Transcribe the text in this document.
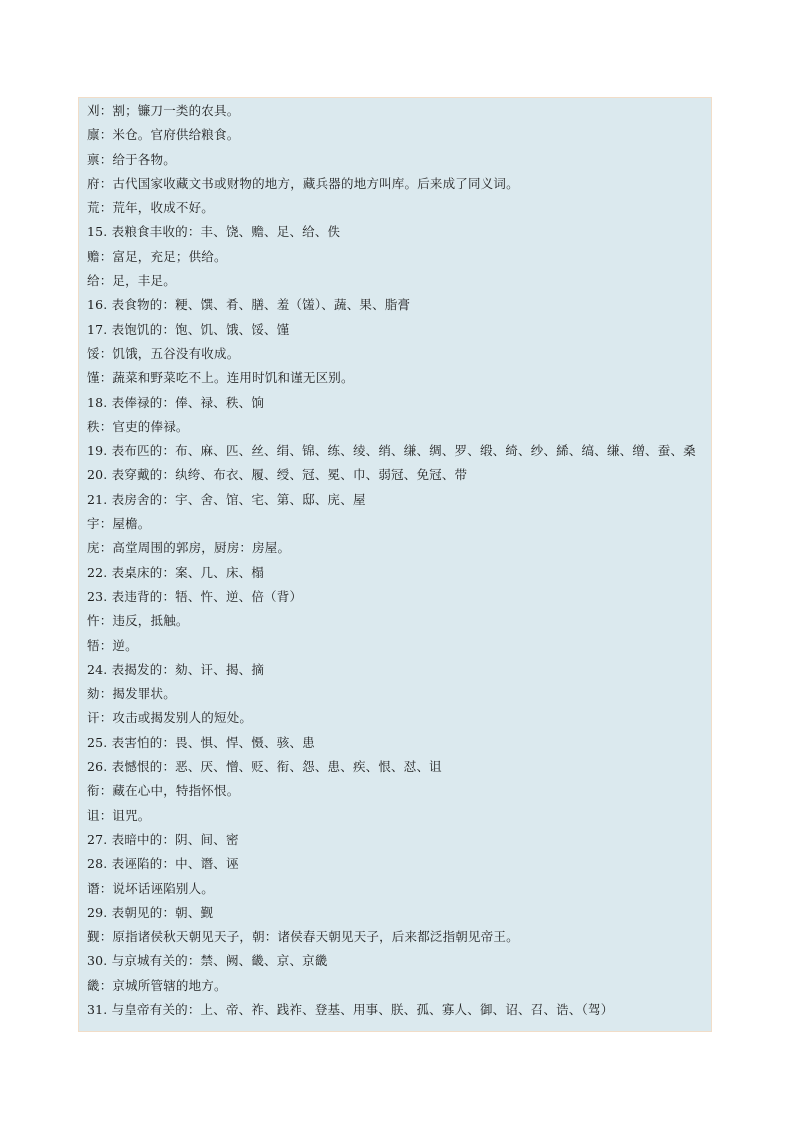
刈：割；镰刀一类的农具。
廪：米仓。官府供给粮食。
禀：给于各物。
府：古代国家收藏文书或财物的地方，藏兵器的地方叫库。后来成了同义词。
荒：荒年，收成不好。
15. 表粮食丰收的：丰、饶、赡、足、给、佚
赡：富足，充足；供给。
给：足，丰足。
16. 表食物的：粳、馔、肴、膳、羞（馐）、蔬、果、脂膏
17. 表饱饥的：饱、饥、饿、馁、馑
馁：饥饿，五谷没有收成。
馑：蔬菜和野菜吃不上。连用时饥和谨无区别。
18. 表俸禄的：俸、禄、秩、饷
秩：官吏的俸禄。
19. 表布匹的：布、麻、匹、丝、绢、锦、练、绫、绡、缣、绸、罗、缎、绮、纱、絺、缟、缣、缯、蚕、桑
20. 表穿戴的：纨绔、布衣、履、绶、冠、冕、巾、弱冠、免冠、带
21. 表房舍的：宇、舍、馆、宅、第、邸、庑、屋
宇：屋檐。
庑：高堂周围的郭房，厨房：房屋。
22. 表桌床的：案、几、床、榻
23. 表违背的：牾、忤、逆、倍（背）
忤：违反，抵触。
牾：逆。
24. 表揭发的：劾、讦、揭、摘
劾：揭发罪状。
讦：攻击或揭发别人的短处。
25. 表害怕的：畏、惧、悍、慑、骇、患
26. 表憾恨的：恶、厌、憎、贬、衔、怨、患、疾、恨、怼、诅
衔：藏在心中，特指怀恨。
诅：诅咒。
27. 表暗中的：阴、间、密
28. 表诬陷的：中、谮、诬
谮：说坏话诬陷别人。
29. 表朝见的：朝、觐
觐：原指诸侯秋天朝见天子，朝：诸侯春天朝见天子，后来都泛指朝见帝王。
30. 与京城有关的：禁、阙、畿、京、京畿
畿：京城所管辖的地方。
31. 与皇帝有关的：上、帝、祚、践祚、登基、用事、朕、孤、寡人、御、诏、召、诰、（驾）
